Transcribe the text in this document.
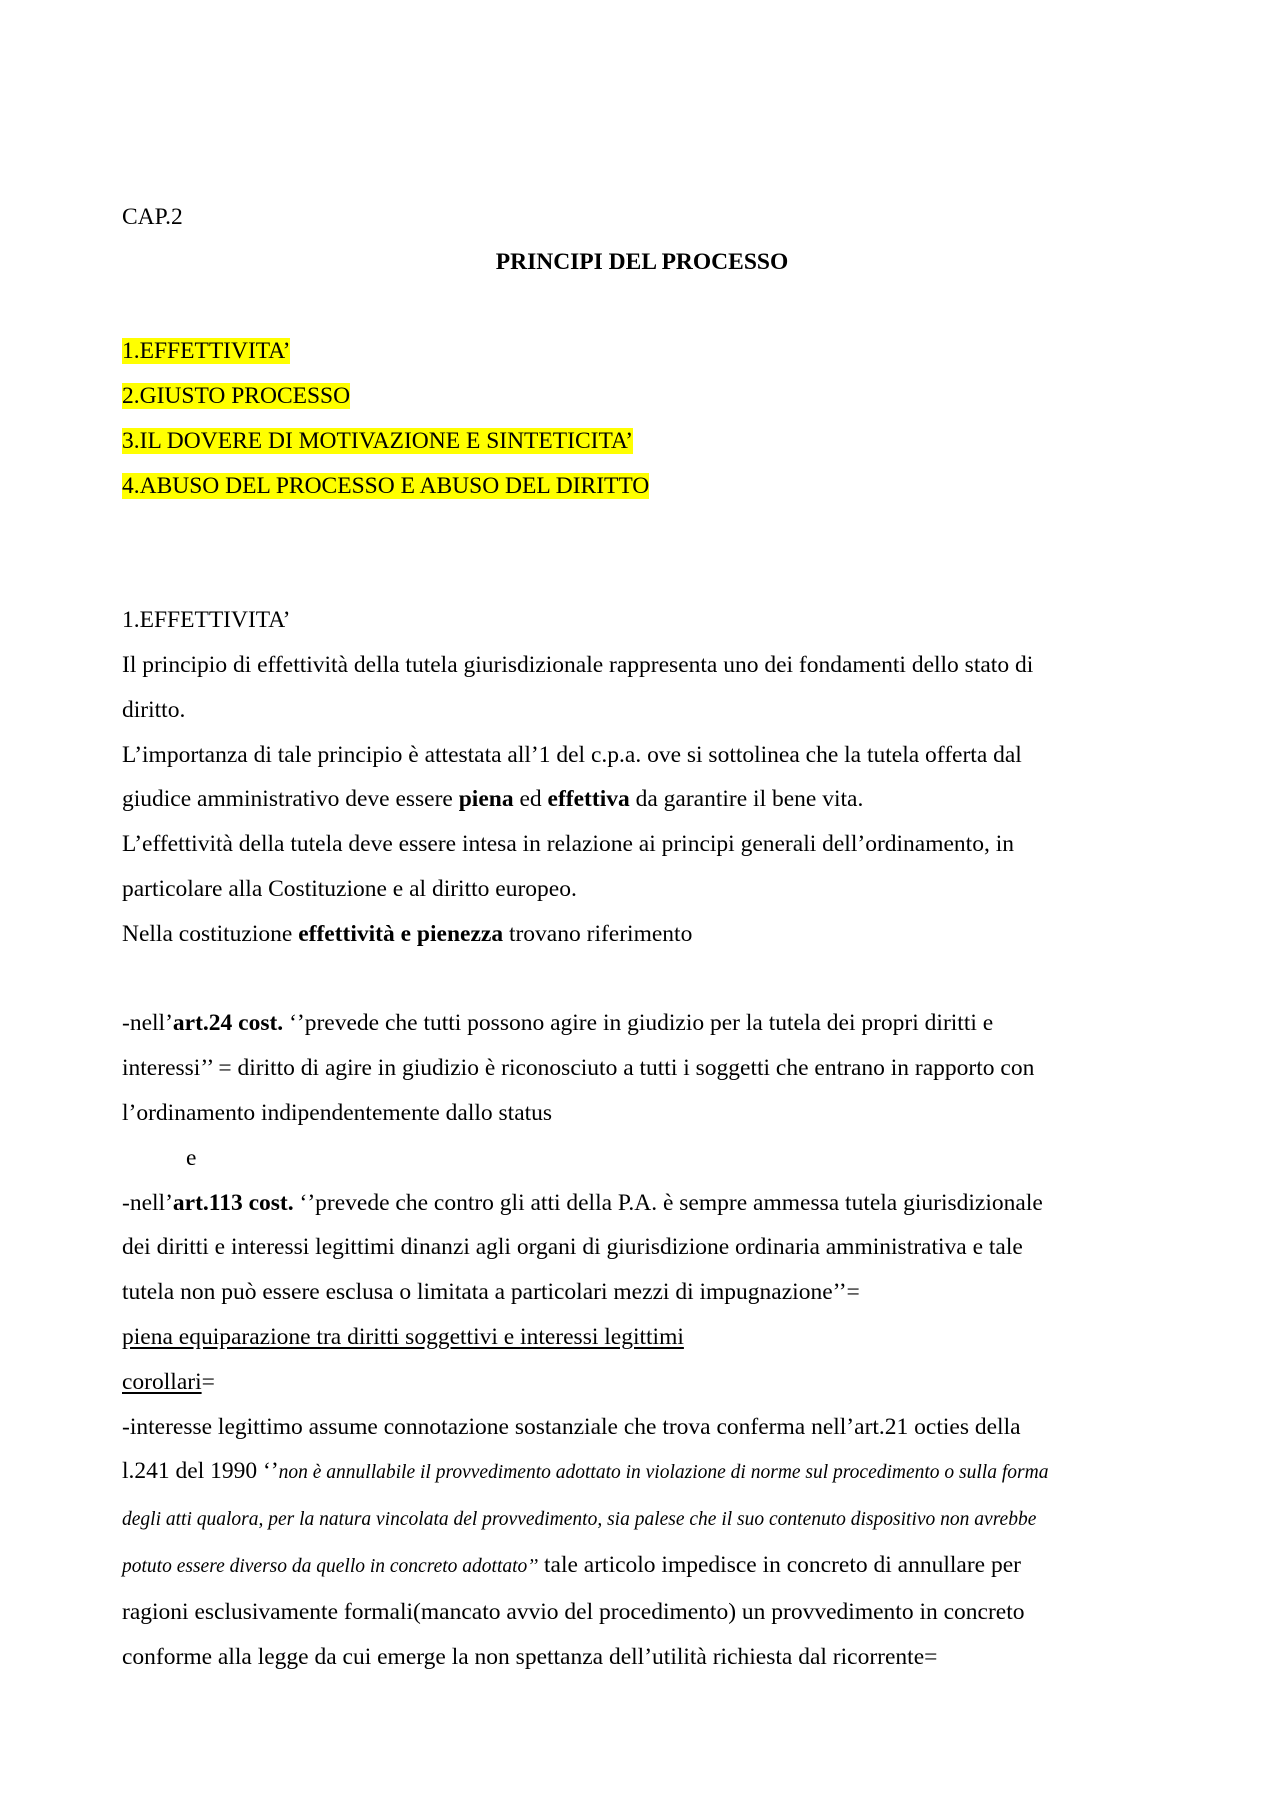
CAP.2
PRINCIPI DEL PROCESSO
1.EFFETTIVITA’
2.GIUSTO PROCESSO
3.IL DOVERE DI MOTIVAZIONE E SINTETICITA’
4.ABUSO DEL PROCESSO E ABUSO DEL DIRITTO
1.EFFETTIVITA’
Il principio di effettività della tutela giurisdizionale rappresenta uno dei fondamenti dello stato di
diritto.
L’importanza di tale principio è attestata all’1 del c.p.a. ove si sottolinea che la tutela offerta dal
giudice amministrativo deve essere piena ed effettiva da garantire il bene vita.
L’effettività della tutela deve essere intesa in relazione ai principi generali dell’ordinamento, in
particolare alla Costituzione e al diritto europeo.
Nella costituzione effettività e pienezza trovano riferimento
-nell’art.24 cost. ‘’prevede che tutti possono agire in giudizio per la tutela dei propri diritti e
interessi’’ = diritto di agire in giudizio è riconosciuto a tutti i soggetti che entrano in rapporto con
l’ordinamento indipendentemente dallo status
e
-nell’art.113 cost. ‘’prevede che contro gli atti della P.A. è sempre ammessa tutela giurisdizionale
dei diritti e interessi legittimi dinanzi agli organi di giurisdizione ordinaria amministrativa e tale
tutela non può essere esclusa o limitata a particolari mezzi di impugnazione’’=
piena equiparazione tra diritti soggettivi e interessi legittimi
corollari=
-interesse legittimo assume connotazione sostanziale che trova conferma nell’art.21 octies della
l.241 del 1990 ‘’non è annullabile il provvedimento adottato in violazione di norme sul procedimento o sulla forma
degli atti qualora, per la natura vincolata del provvedimento, sia palese che il suo contenuto dispositivo non avrebbe
potuto essere diverso da quello in concreto adottato’’ tale articolo impedisce in concreto di annullare per
ragioni esclusivamente formali(mancato avvio del procedimento) un provvedimento in concreto
conforme alla legge da cui emerge la non spettanza dell’utilità richiesta dal ricorrente=
